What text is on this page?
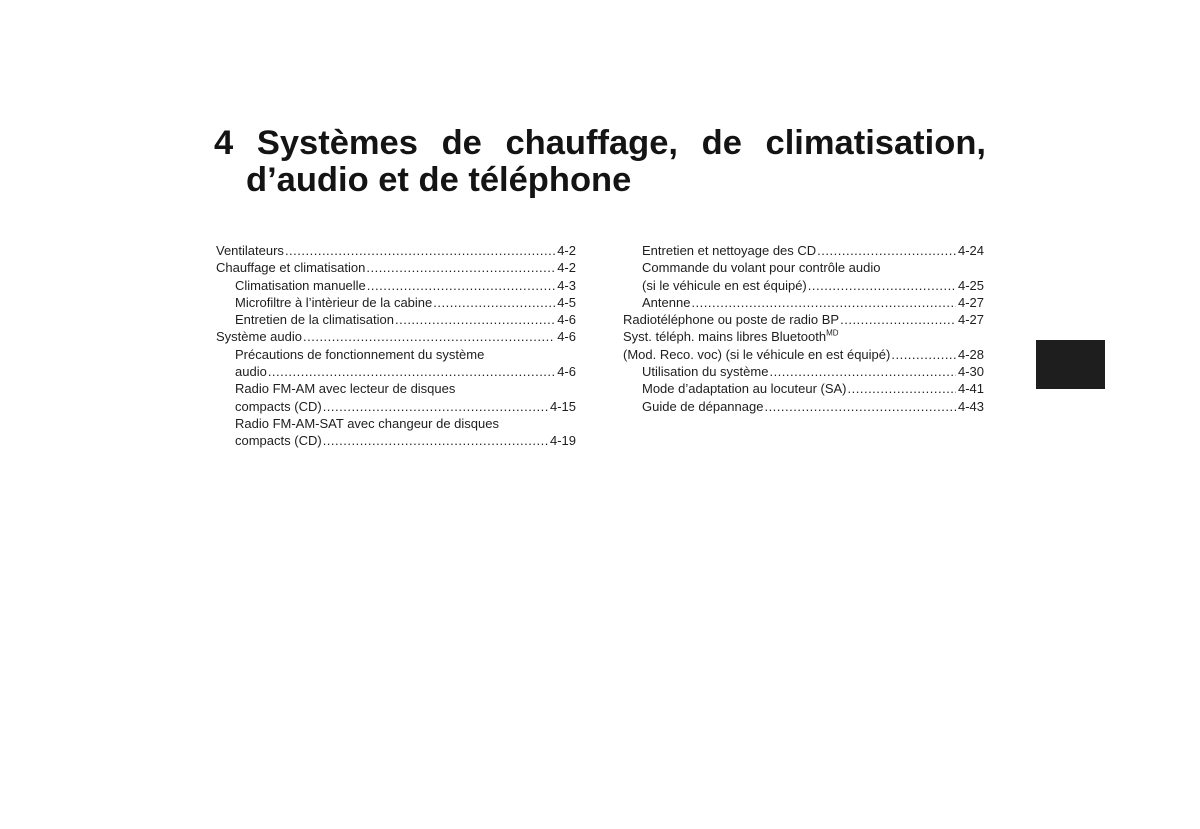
4 Systèmes de chauffage, de climatisation,
d’audio et de téléphone
Ventilateurs .....	4-2
Chauffage et climatisation .....	4-2
Climatisation manuelle .....	4-3
Microfiltre à l’intèrieur de la cabine .....	4-5
Entretien de la climatisation .....	4-6
Système audio .....	4-6
Précautions de fonctionnement du système
audio .....	4-6
Radio FM-AM avec lecteur de disques
compacts (CD) .....	4-15
Radio FM-AM-SAT avec changeur de disques
compacts (CD) .....	4-19
Entretien et nettoyage des CD .....	4-24
Commande du volant pour contrôle audio
(si le véhicule en est équipé) .....	4-25
Antenne .....	4-27
Radiotéléphone ou poste de radio BP .....	4-27
Syst. téléph. mains libres Bluetooth$^{MD}$
(Mod. Reco. voc) (si le véhicule en est équipé) .....	4-28
Utilisation du système .....	4-30
Mode d’adaptation au locuteur (SA) .....	4-41
Guide de dépannage .....	4-43
